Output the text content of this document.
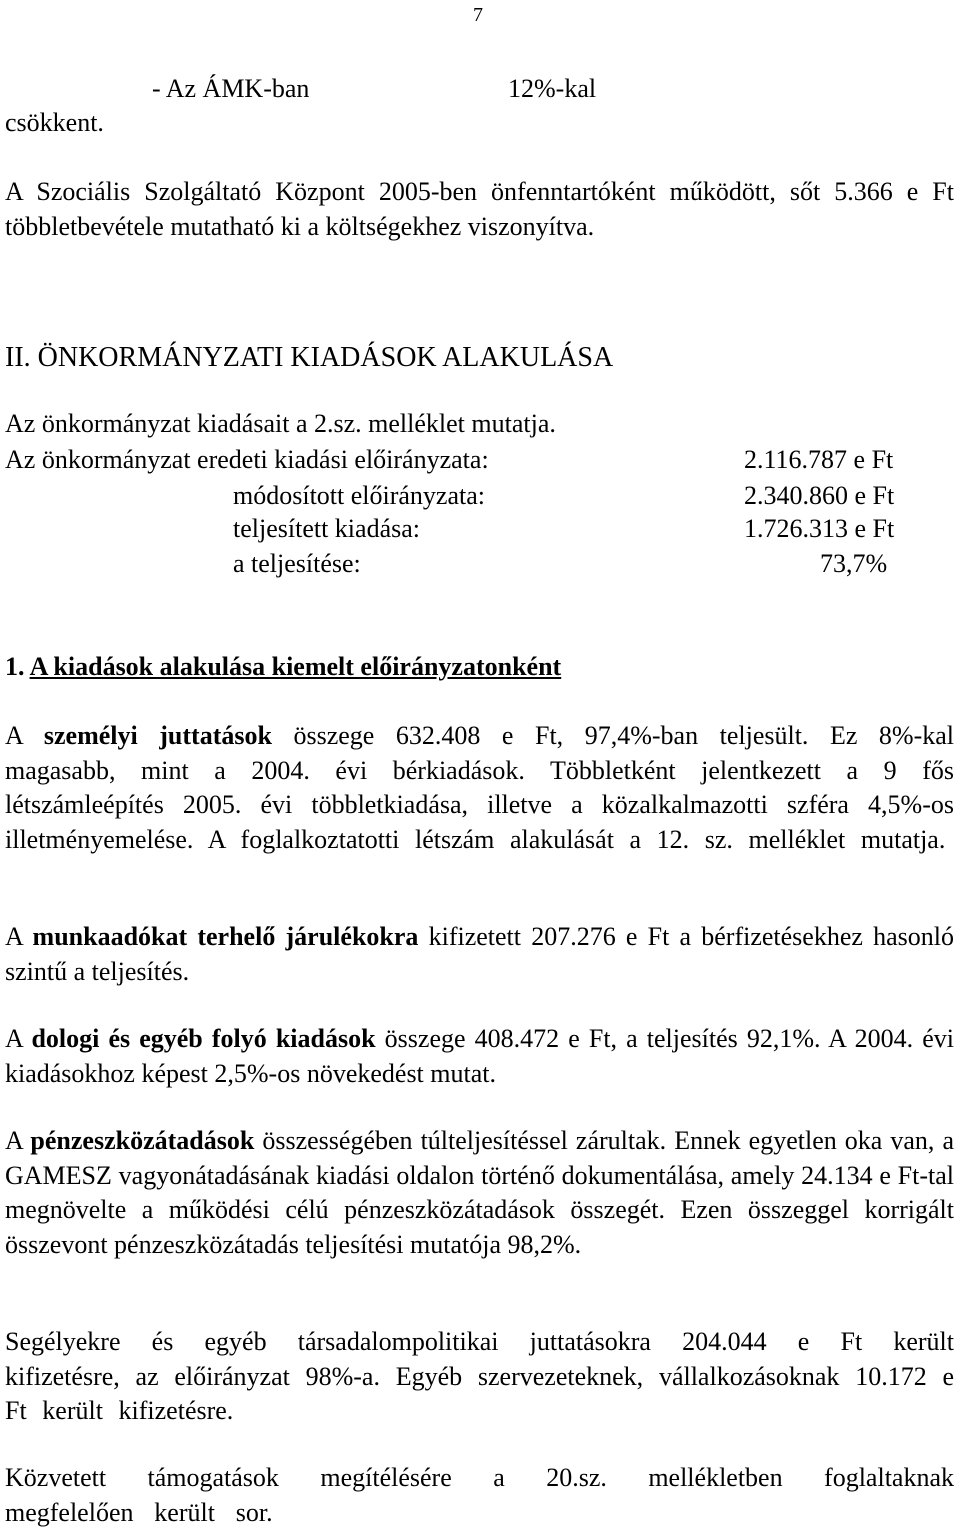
7
- Az ÁMK-ban	12%-kal
csökkent.
A Szociális Szolgáltató Központ 2005-ben önfenntartóként működött, sőt 5.366 e Ft többletbevétele mutatható ki a költségekhez viszonyítva.
II. ÖNKORMÁNYZATI KIADÁSOK ALAKULÁSA
Az önkormányzat kiadásait a 2.sz. melléklet mutatja.
Az önkormányzat eredeti kiadási előirányzata:	2.116.787 e Ft
módosított előirányzata:	2.340.860 e Ft
teljesített kiadása:	1.726.313 e Ft
a teljesítése:	73,7%
1. A kiadások alakulása kiemelt előirányzatonként
A személyi juttatások összege 632.408 e Ft, 97,4%-ban teljesült. Ez 8%-kal magasabb, mint a 2004. évi bérkiadások. Többletként jelentkezett a 9 fős létszámleépítés 2005. évi többletkiadása, illetve a közalkalmazotti szféra 4,5%-os illetményemelése. A foglalkoztatotti létszám alakulását a 12. sz. melléklet mutatja.
A munkaadókat terhelő járulékokra kifizetett 207.276 e Ft a bérfizetésekhez hasonló szintű a teljesítés.
A dologi és egyéb folyó kiadások összege 408.472 e Ft, a teljesítés 92,1%. A 2004. évi kiadásokhoz képest 2,5%-os növekedést mutat.
A pénzeszközátadások összességében túlteljesítéssel zárultak. Ennek egyetlen oka van, a GAMESZ vagyonátadásának kiadási oldalon történő dokumentálása, amely 24.134 e Ft-tal megnövelte a működési célú pénzeszközátadások összegét. Ezen összeggel korrigált összevont pénzeszközátadás teljesítési mutatója 98,2%.
Segélyekre és egyéb társadalompolitikai juttatásokra 204.044 e Ft került kifizetésre, az előirányzat 98%-a. Egyéb szervezeteknek, vállalkozásoknak 10.172 e Ft került kifizetésre.
Közvetett támogatások megítélésére a 20.sz. mellékletben foglaltaknak megfelelően került sor.
